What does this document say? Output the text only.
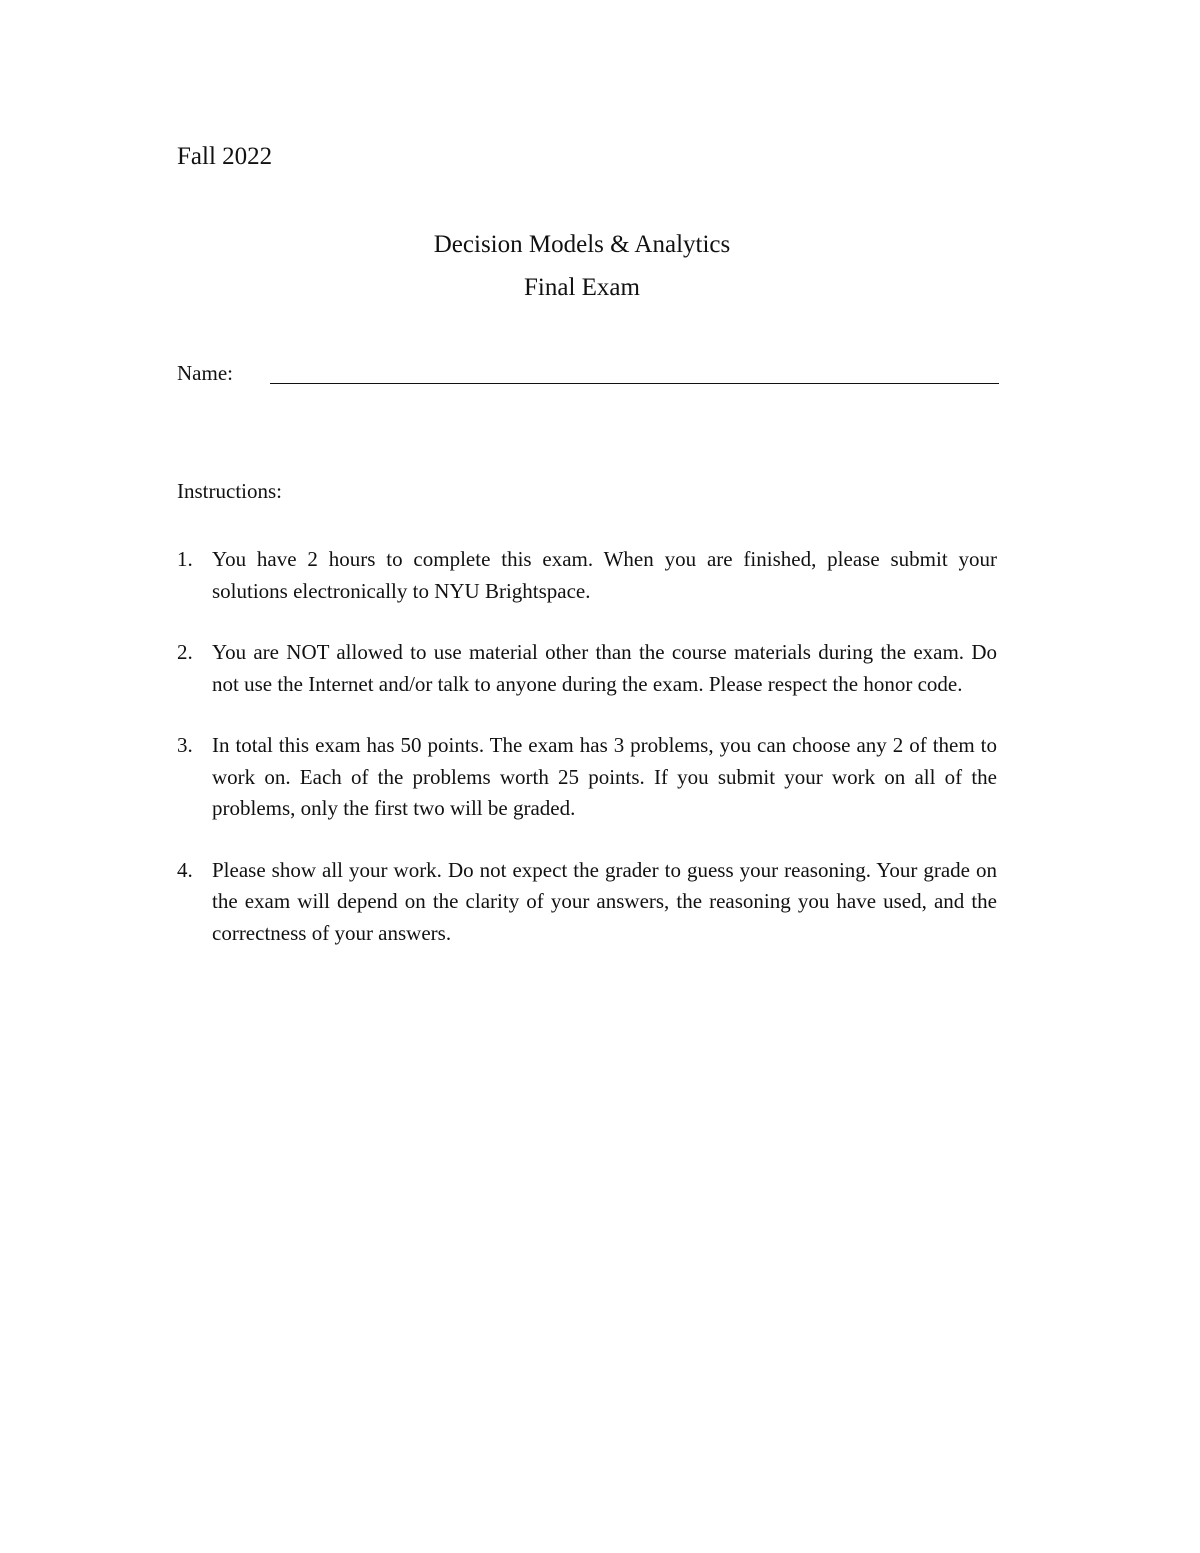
Fall 2022
Decision Models & Analytics
Final Exam
Name:
Instructions:
1. You have 2 hours to complete this exam. When you are finished, please submit your solutions electronically to NYU Brightspace.
2. You are NOT allowed to use material other than the course materials during the exam. Do not use the Internet and/or talk to anyone during the exam. Please respect the honor code.
3. In total this exam has 50 points. The exam has 3 problems, you can choose any 2 of them to work on. Each of the problems worth 25 points. If you submit your work on all of the problems, only the first two will be graded.
4. Please show all your work. Do not expect the grader to guess your reasoning. Your grade on the exam will depend on the clarity of your answers, the reasoning you have used, and the correctness of your answers.
